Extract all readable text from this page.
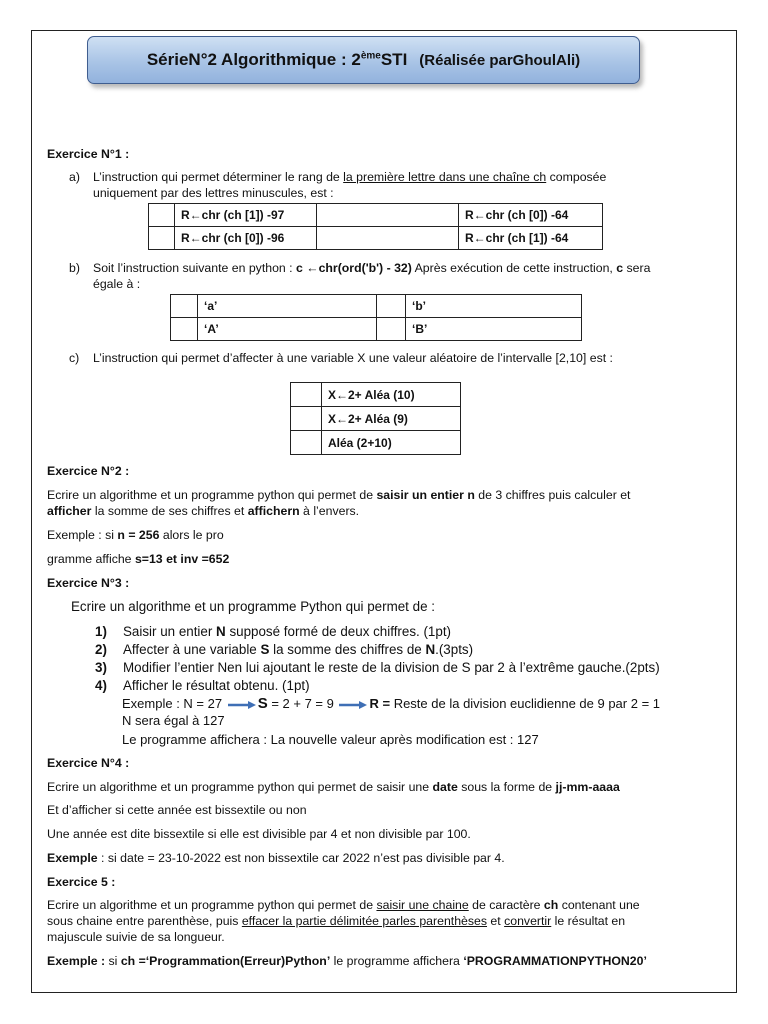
SérieN°2 Algorithmique : 2èmeSTI (Réalisée parGhoulAli)
Exercice N°1 :
a) L’instruction qui permet déterminer le rang de la première lettre dans une chaîne ch composée
uniquement par des lettres minuscules, est :
	R←chr (ch [1]) -97		R←chr (ch [0]) -64
	R←chr (ch [0]) -96		R←chr (ch [1]) -64
b) Soit l’instruction suivante en python : c ←chr(ord('b') - 32) Après exécution de cette instruction, c sera
égale à :
	‘a’		‘b’
	‘A’		‘B’
c) L’instruction qui permet d’affecter à une variable X une valeur aléatoire de l’intervalle [2,10] est :
	X←2+ Aléa (10)
	X←2+ Aléa (9)
	Aléa (2+10)
Exercice N°2 :
Ecrire un algorithme et un programme python qui permet de saisir un entier n de 3 chiffres puis calculer et
afficher la somme de ses chiffres et affichern à l’envers.
Exemple : si n = 256 alors le pro
gramme affiche s=13 et inv =652
Exercice N°3 :
Ecrire un algorithme et un programme Python qui permet de :
1) Saisir un entier N supposé formé de deux chiffres. (1pt)
2) Affecter à une variable S la somme des chiffres de N.(3pts)
3) Modifier l’entier Nen lui ajoutant le reste de la division de S par 2 à l’extrême gauche.(2pts)
4) Afficher le résultat obtenu. (1pt)
Exemple : N = 27 S = 2 + 7 = 9	R = Reste de la division euclidienne de 9 par 2 = 1
N sera égal à 127
Le programme affichera : La nouvelle valeur après modification est : 127
Exercice N°4 :
Ecrire un algorithme et un programme python qui permet de saisir une date sous la forme de jj-mm-aaaa
Et d’afficher si cette année est bissextile ou non
Une année est dite bissextile si elle est divisible par 4 et non divisible par 100.
Exemple : si date = 23-10-2022 est non bissextile car 2022 n’est pas divisible par 4.
Exercice 5 :
Ecrire un algorithme et un programme python qui permet de saisir une chaine de caractère ch contenant une
sous chaine entre parenthèse, puis effacer la partie délimitée parles parenthèses et convertir le résultat en
majuscule suivie de sa longueur.
Exemple : si ch =‘Programmation(Erreur)Python’ le programme affichera ‘PROGRAMMATIONPYTHON20’
